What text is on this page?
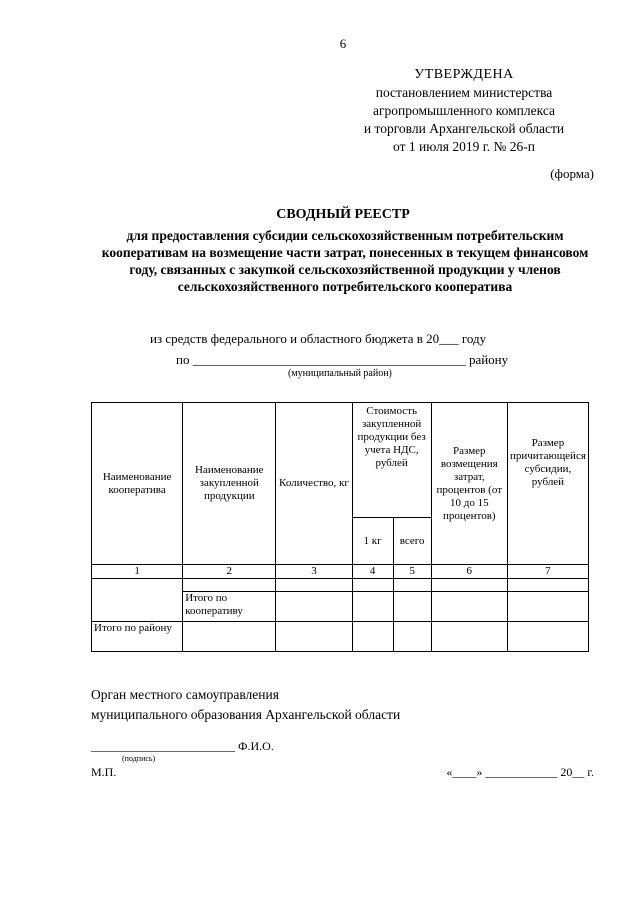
6
УТВЕРЖДЕНА
постановлением министерства
агропромышленного комплекса
и торговли Архангельской области
от 1 июля 2019 г. № 26-п
(форма)
СВОДНЫЙ РЕЕСТР
для предоставления субсидии сельскохозяйственным потребительским кооперативам на возмещение части затрат, понесенных в текущем финансовом году, связанных с закупкой сельскохозяйственной продукции у членов сельскохозяйственного потребительского кооператива
из средств федерального и областного бюджета в 20___ году
по __________________________________________ району
(муниципальный район)
Наименование кооператива	Наименование закупленной продукции	Количество, кг	Стоимость закупленной продукции без учета НДС, рублей		Размер возмещения затрат, процентов (от 10 до 15 процентов)	Размер причитающейся субсидии, рублей
			1 кг	всего		
1	2	3	4	5	6	7

	Итого по кооперативу					
Итого по району						
Орган местного самоуправления
муниципального образования Архангельской области
________________________ Ф.И.О.
(подпись)
М.П.	«____» ____________ 20__ г.
